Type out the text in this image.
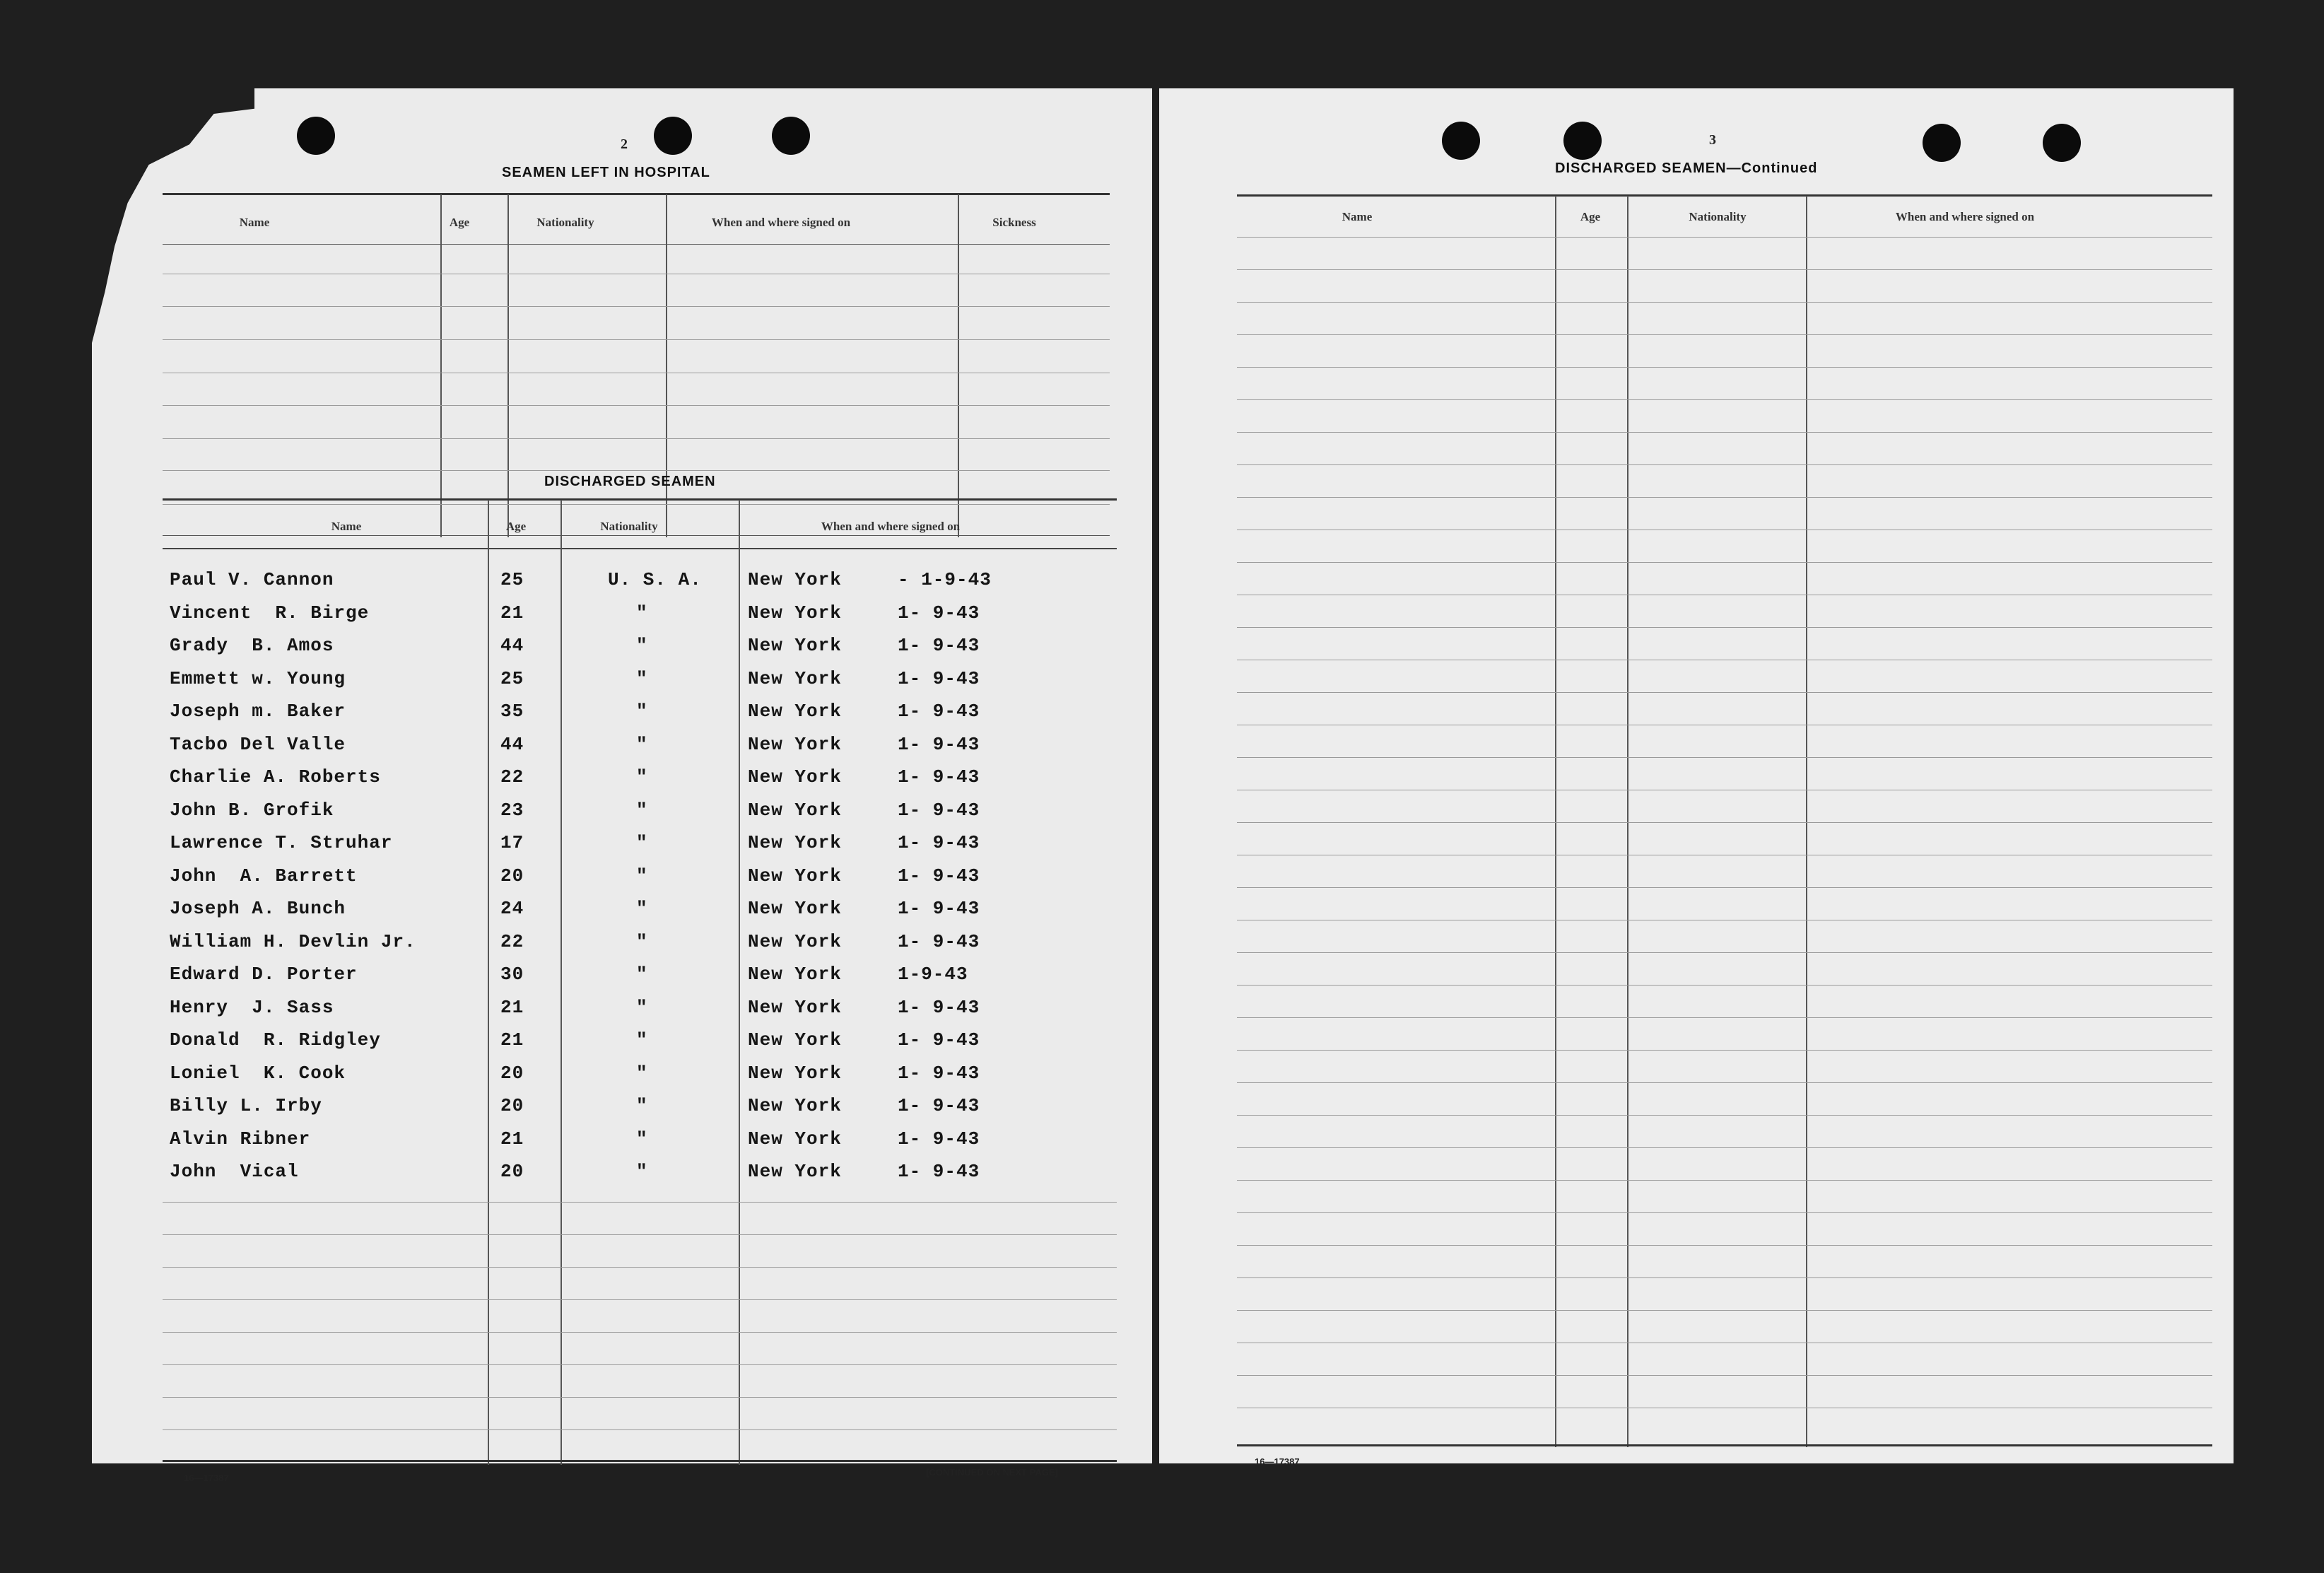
2
SEAMEN LEFT IN HOSPITAL
Name	Age	Nationality	When and where signed on	Sickness
DISCHARGED SEAMEN
Name	Age	Nationality	When and where signed on
Paul V. Cannon	25	U. S. A.	New York	- 1-9-43
Vincent  R. Birge	21	"	New York	1- 9-43
Grady  B. Amos	44	"	New York	1- 9-43
Emmett w. Young	25	"	New York	1- 9-43
Joseph m. Baker	35	"	New York	1- 9-43
Tacbo Del Valle	44	"	New York	1- 9-43
Charlie A. Roberts	22	"	New York	1- 9-43
John B. Grofik	23	"	New York	1- 9-43
Lawrence T. Struhar	17	"	New York	1- 9-43
John  A. Barrett	20	"	New York	1- 9-43
Joseph A. Bunch	24	"	New York	1- 9-43
William H. Devlin Jr.	22	"	New York	1- 9-43
Edward D. Porter	30	"	New York	1-9-43
Henry  J. Sass	21	"	New York	1- 9-43
Donald  R. Ridgley	21	"	New York	1- 9-43
Loniel  K. Cook	20	"	New York	1- 9-43
Billy L. Irby	20	"	New York	1- 9-43
Alvin Ribner	21	"	New York	1- 9-43
John  Vical	20	"	New York	1- 9-43
16—17387
[CONTINUED ON NEXT PAGE]
3
DISCHARGED SEAMEN—Continued
Name	Age	Nationality	When and where signed on
16—17387
